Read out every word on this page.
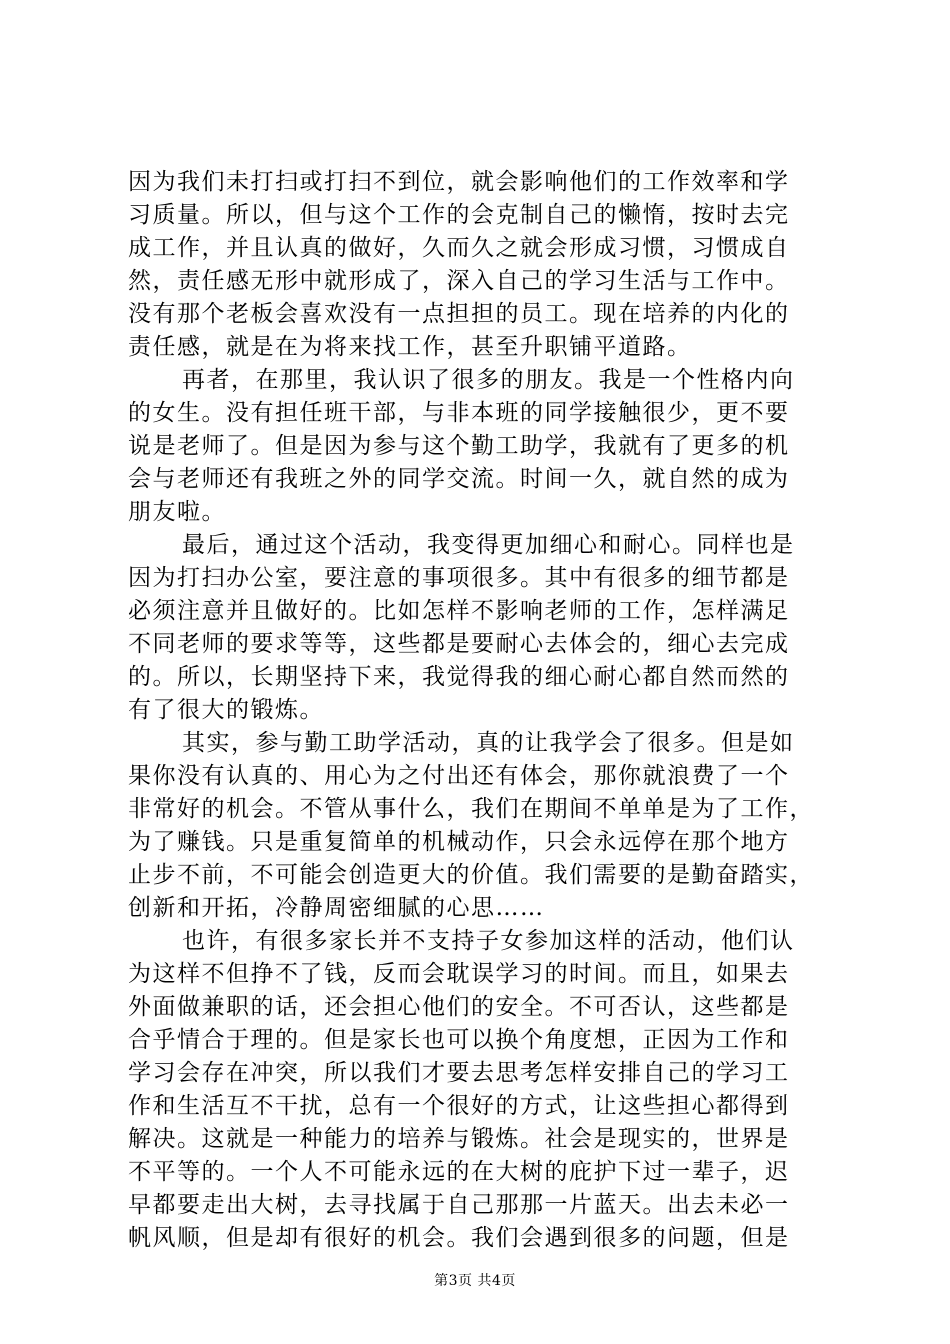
因为我们未打扫或打扫不到位，就会影响他们的工作效率和学
习质量。所以，但与这个工作的会克制自己的懒惰，按时去完
成工作，并且认真的做好，久而久之就会形成习惯，习惯成自
然，责任感无形中就形成了，深入自己的学习生活与工作中。
没有那个老板会喜欢没有一点担担的员工。现在培养的内化的
责任感，就是在为将来找工作，甚至升职铺平道路。
再者，在那里，我认识了很多的朋友。我是一个性格内向
的女生。没有担任班干部，与非本班的同学接触很少，更不要
说是老师了。但是因为参与这个勤工助学，我就有了更多的机
会与老师还有我班之外的同学交流。时间一久，就自然的成为
朋友啦。
最后，通过这个活动，我变得更加细心和耐心。同样也是
因为打扫办公室，要注意的事项很多。其中有很多的细节都是
必须注意并且做好的。比如怎样不影响老师的工作，怎样满足
不同老师的要求等等，这些都是要耐心去体会的，细心去完成
的。所以，长期坚持下来，我觉得我的细心耐心都自然而然的
有了很大的锻炼。
其实，参与勤工助学活动，真的让我学会了很多。但是如
果你没有认真的、用心为之付出还有体会，那你就浪费了一个
非常好的机会。不管从事什么，我们在期间不单单是为了工作，
为了赚钱。只是重复简单的机械动作，只会永远停在那个地方
止步不前，不可能会创造更大的价值。我们需要的是勤奋踏实，
创新和开拓，冷静周密细腻的心思……
也许，有很多家长并不支持子女参加这样的活动，他们认
为这样不但挣不了钱，反而会耽误学习的时间。而且，如果去
外面做兼职的话，还会担心他们的安全。不可否认，这些都是
合乎情合于理的。但是家长也可以换个角度想，正因为工作和
学习会存在冲突，所以我们才要去思考怎样安排自己的学习工
作和生活互不干扰，总有一个很好的方式，让这些担心都得到
解决。这就是一种能力的培养与锻炼。社会是现实的，世界是
不平等的。一个人不可能永远的在大树的庇护下过一辈子，迟
早都要走出大树，去寻找属于自己那那一片蓝天。出去未必一
帆风顺，但是却有很好的机会。我们会遇到很多的问题，但是
第3页 共4页
